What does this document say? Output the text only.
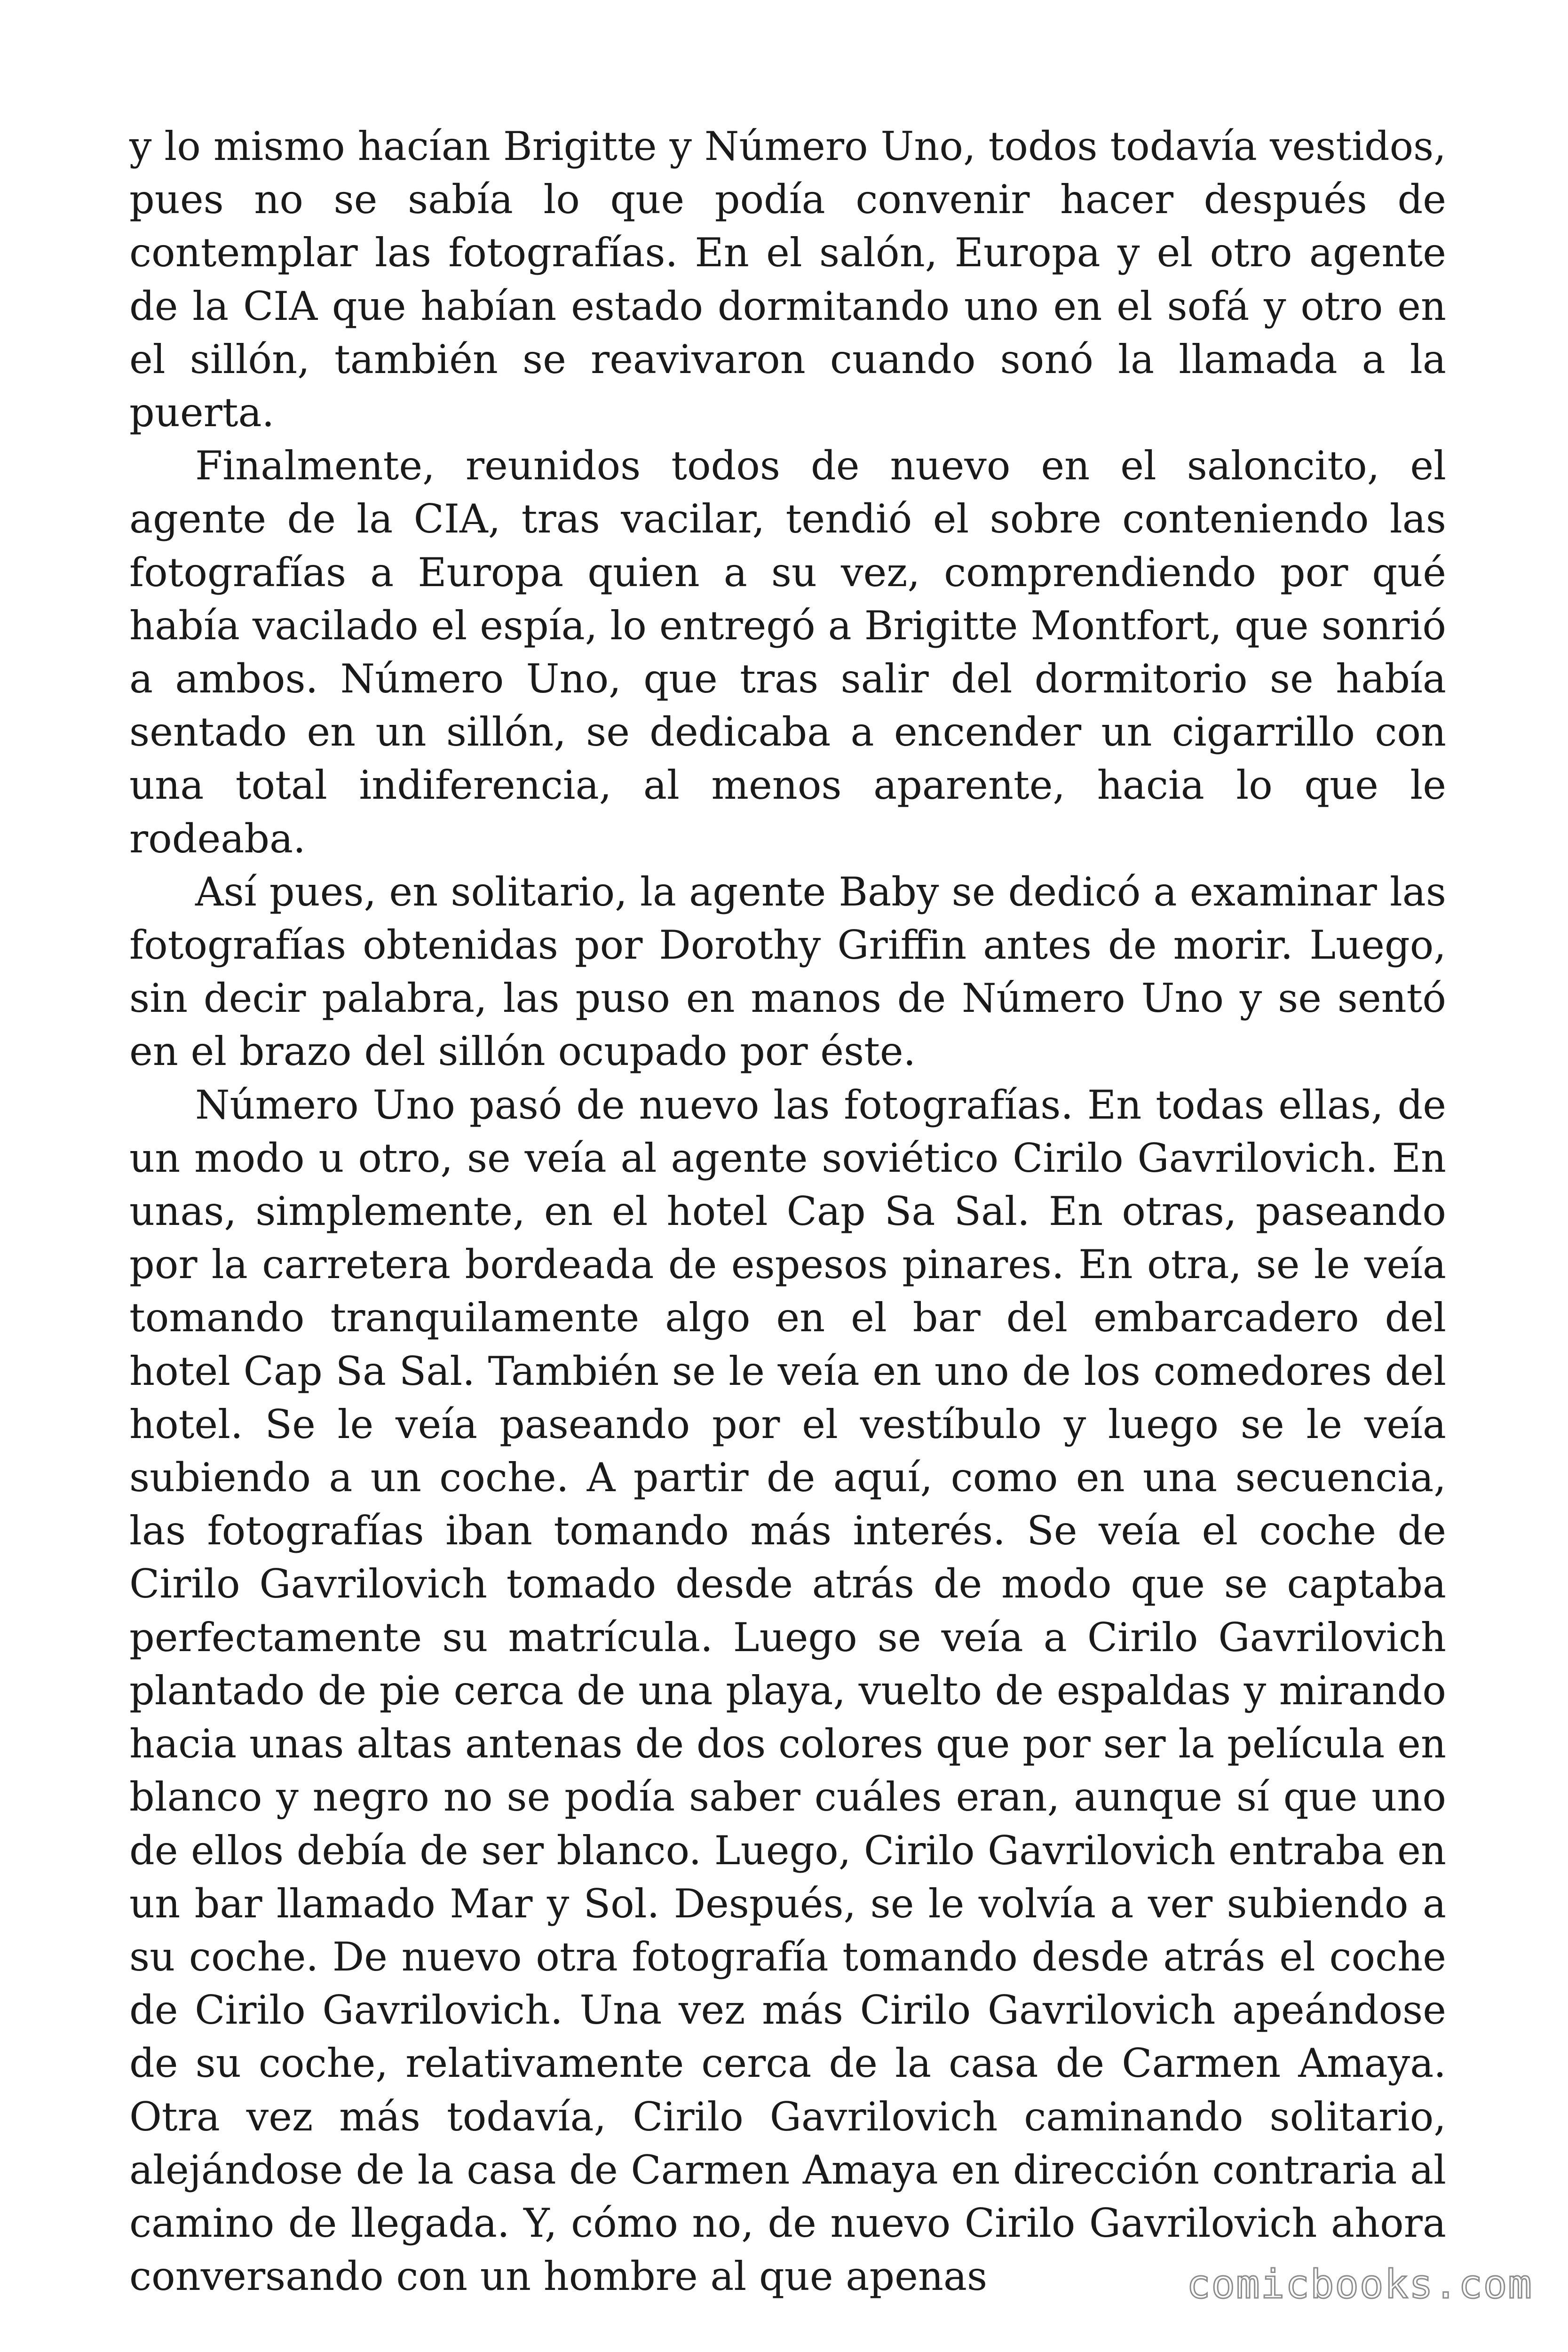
y lo mismo hacían Brigitte y Número Uno, todos todavía vestidos, pues no se sabía lo que podía convenir hacer después de contemplar las fotografías. En el salón, Europa y el otro agente de la CIA que habían estado dormitando uno en el sofá y otro en el sillón, también se reavivaron cuando sonó la llamada a la puerta.

Finalmente, reunidos todos de nuevo en el saloncito, el agente de la CIA, tras vacilar, tendió el sobre conteniendo las fotografías a Europa quien a su vez, comprendiendo por qué había vacilado el espía, lo entregó a Brigitte Montfort, que sonrió a ambos. Número Uno, que tras salir del dormitorio se había sentado en un sillón, se dedicaba a encender un cigarrillo con una total indiferencia, al menos aparente, hacia lo que le rodeaba.

Así pues, en solitario, la agente Baby se dedicó a examinar las fotografías obtenidas por Dorothy Griffin antes de morir. Luego, sin decir palabra, las puso en manos de Número Uno y se sentó en el brazo del sillón ocupado por éste.

Número Uno pasó de nuevo las fotografías. En todas ellas, de un modo u otro, se veía al agente soviético Cirilo Gavrilovich. En unas, simplemente, en el hotel Cap Sa Sal. En otras, paseando por la carretera bordeada de espesos pinares. En otra, se le veía tomando tranquilamente algo en el bar del embarcadero del hotel Cap Sa Sal. También se le veía en uno de los comedores del hotel. Se le veía paseando por el vestíbulo y luego se le veía subiendo a un coche. A partir de aquí, como en una secuencia, las fotografías iban tomando más interés. Se veía el coche de Cirilo Gavrilovich tomado desde atrás de modo que se captaba perfectamente su matrícula. Luego se veía a Cirilo Gavrilovich plantado de pie cerca de una playa, vuelto de espaldas y mirando hacia unas altas antenas de dos colores que por ser la película en blanco y negro no se podía saber cuáles eran, aunque sí que uno de ellos debía de ser blanco. Luego, Cirilo Gavrilovich entraba en un bar llamado Mar y Sol. Después, se le volvía a ver subiendo a su coche. De nuevo otra fotografía tomando desde atrás el coche de Cirilo Gavrilovich. Una vez más Cirilo Gavrilovich apeándose de su coche, relativamente cerca de la casa de Carmen Amaya. Otra vez más todavía, Cirilo Gavrilovich caminando solitario, alejándose de la casa de Carmen Amaya en dirección contraria al camino de llegada. Y, cómo no, de nuevo Cirilo Gavrilovich ahora conversando con un hombre al que apenas	comicbooks.com
